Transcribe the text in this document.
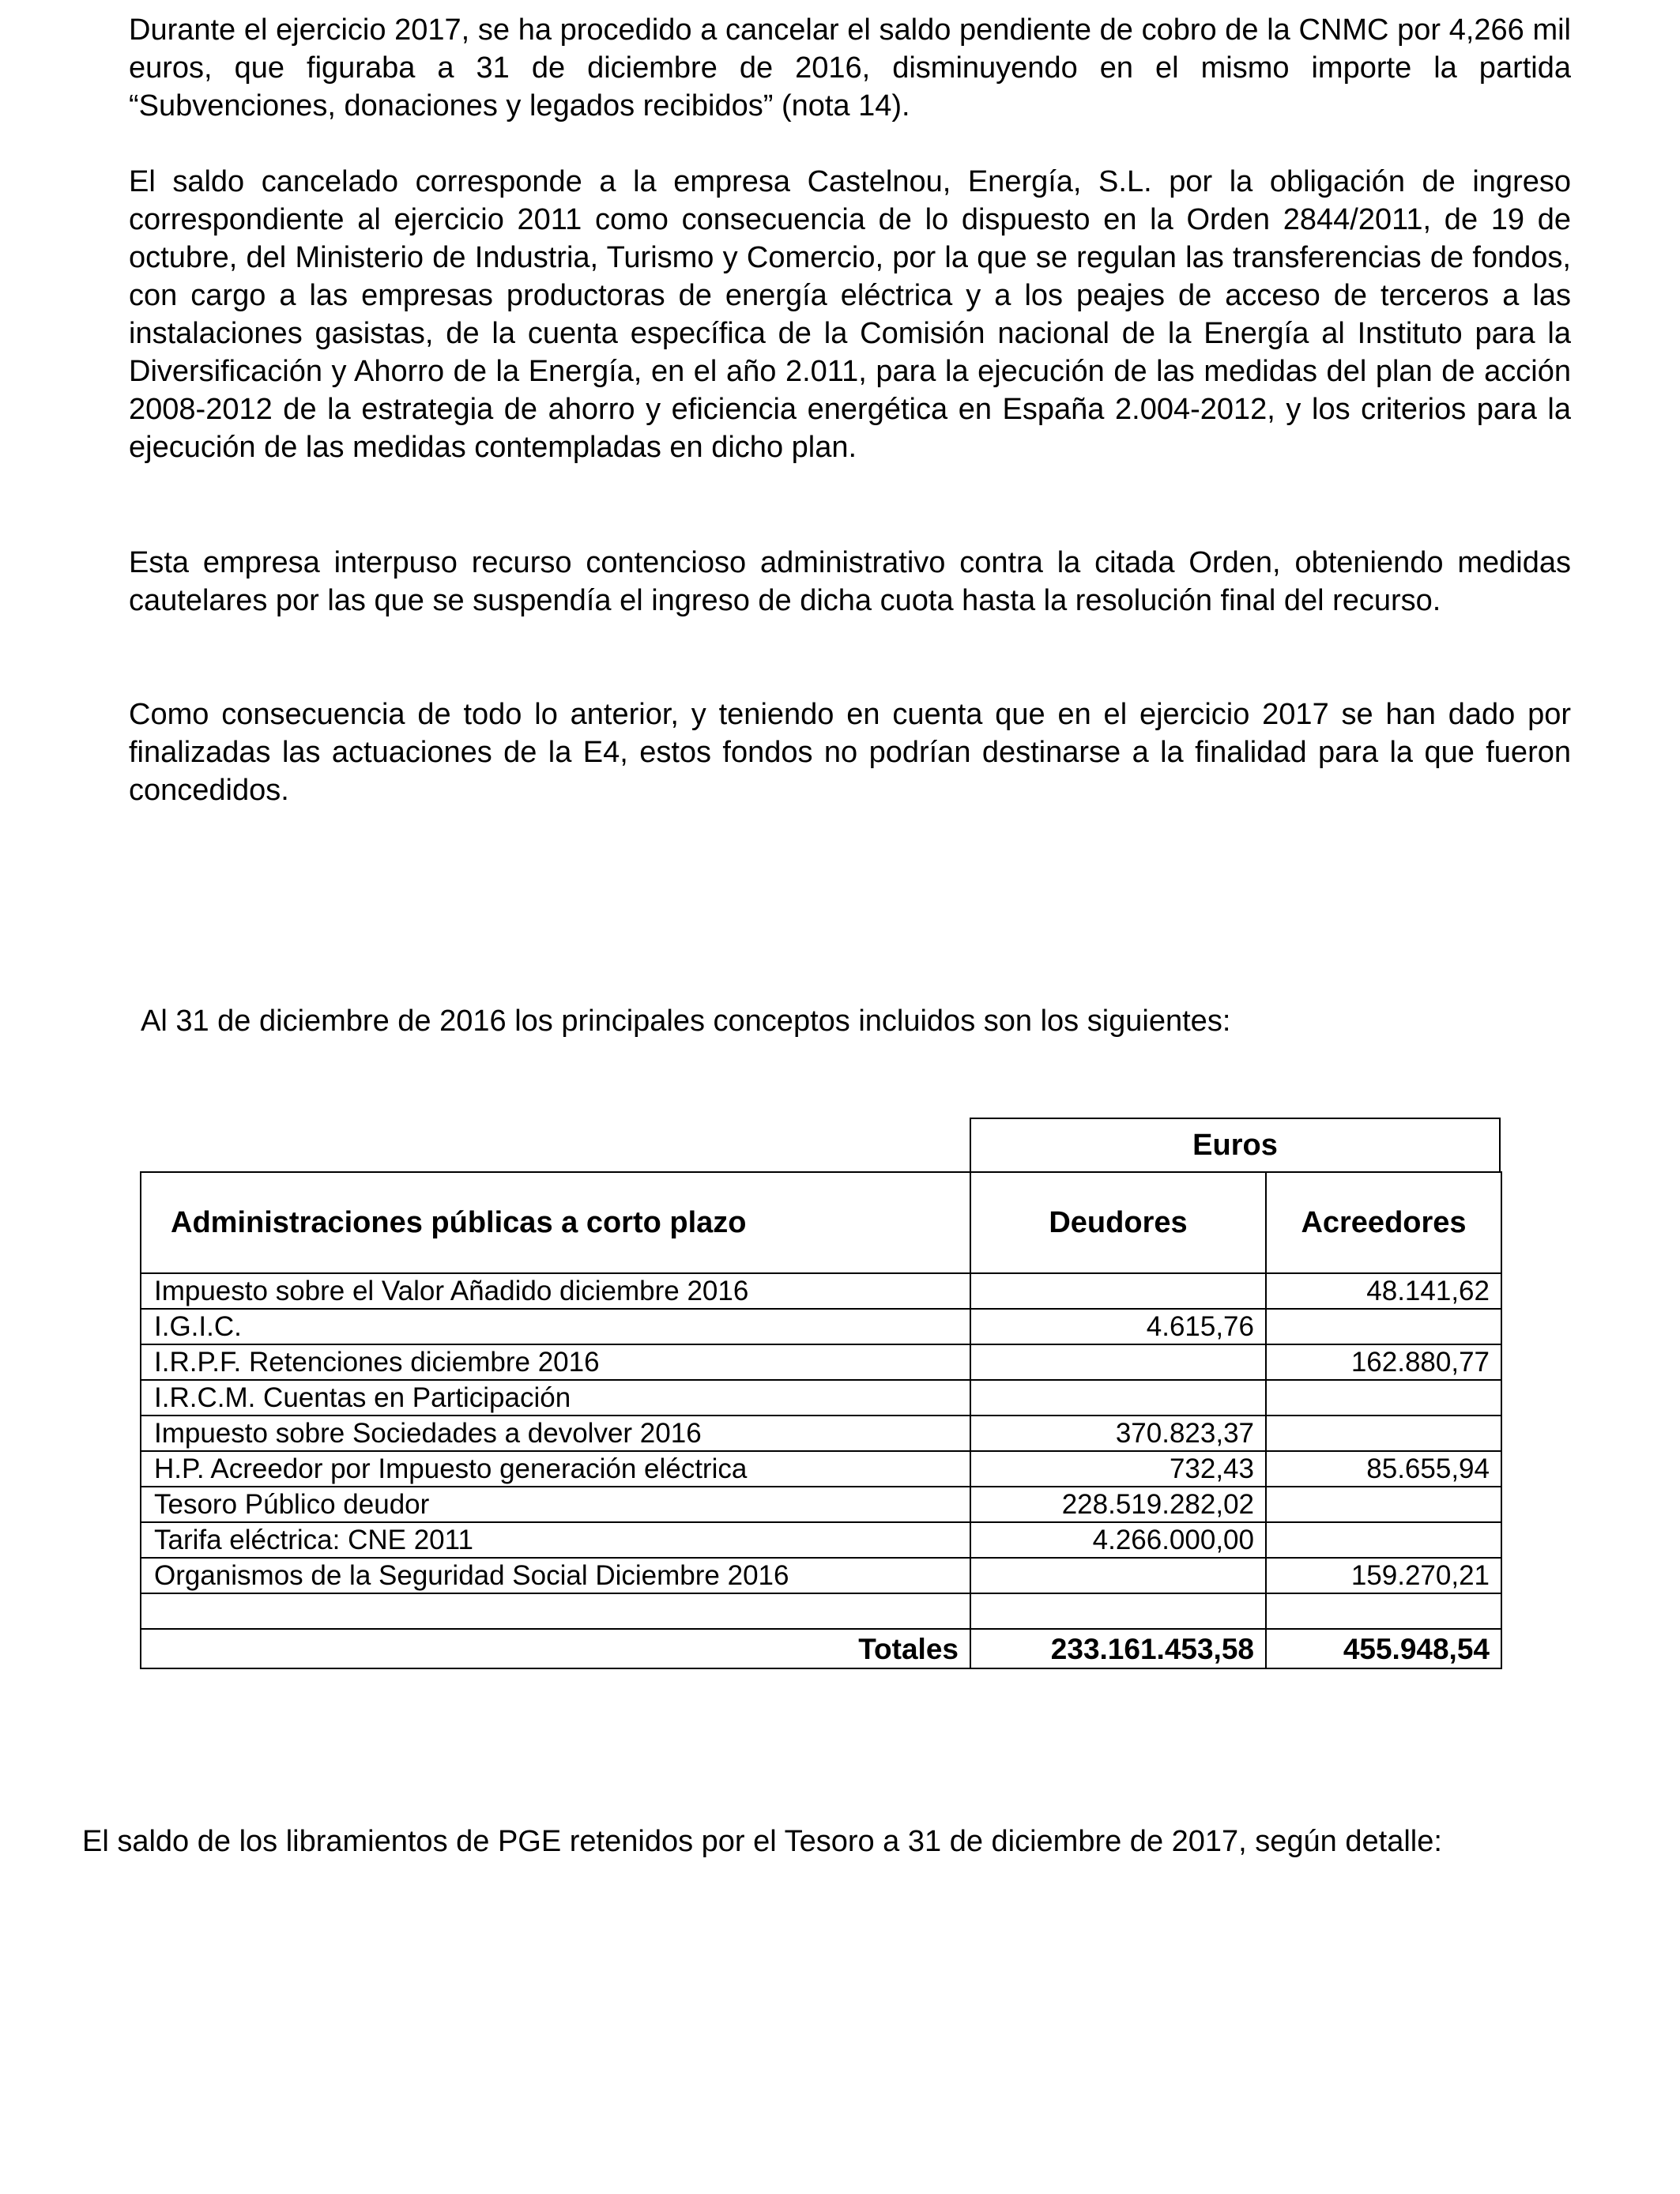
Durante el ejercicio 2017, se ha procedido a cancelar el saldo pendiente de cobro de la CNMC por 4,266 mil euros, que figuraba a 31 de diciembre de 2016, disminuyendo en el mismo importe la partida “Subvenciones, donaciones y legados recibidos” (nota 14).

El saldo cancelado corresponde a la empresa Castelnou, Energía, S.L. por la obligación de ingreso correspondiente al ejercicio 2011 como consecuencia de lo dispuesto en la Orden 2844/2011, de 19 de octubre, del Ministerio de Industria, Turismo y Comercio, por la que se regulan las transferencias de fondos, con cargo a las empresas productoras de energía eléctrica y a los peajes de acceso de terceros a las instalaciones gasistas, de la cuenta específica de la Comisión nacional de la Energía al Instituto para la Diversificación y Ahorro de la Energía, en el año 2.011, para la ejecución de las medidas del plan de acción 2008-2012 de la estrategia de ahorro y eficiencia energética en España 2.004-2012, y los criterios para la ejecución de las medidas contempladas en dicho plan.

Esta empresa interpuso recurso contencioso administrativo contra la citada Orden, obteniendo medidas cautelares por las que se suspendía el ingreso de dicha cuota hasta la resolución final del recurso.

Como consecuencia de todo lo anterior, y teniendo en cuenta que en el ejercicio 2017 se han dado por finalizadas las actuaciones de la E4, estos fondos no podrían destinarse a la finalidad para la que fueron concedidos.

Al 31 de diciembre de 2016 los principales conceptos incluidos son los siguientes:

Euros
Administraciones públicas a corto plazo	Deudores	Acreedores
Impuesto sobre el Valor Añadido diciembre 2016		48.141,62
I.G.I.C.	4.615,76	
I.R.P.F. Retenciones diciembre 2016		162.880,77
I.R.C.M. Cuentas en Participación		
Impuesto sobre Sociedades a devolver 2016	370.823,37	
H.P. Acreedor por Impuesto generación eléctrica	732,43	85.655,94
Tesoro Público deudor	228.519.282,02	
Tarifa eléctrica: CNE 2011	4.266.000,00	
Organismos de la Seguridad Social Diciembre 2016		159.270,21

Totales	233.161.453,58	455.948,54

El saldo de los libramientos de PGE retenidos por el Tesoro a 31 de diciembre de 2017, según detalle:
